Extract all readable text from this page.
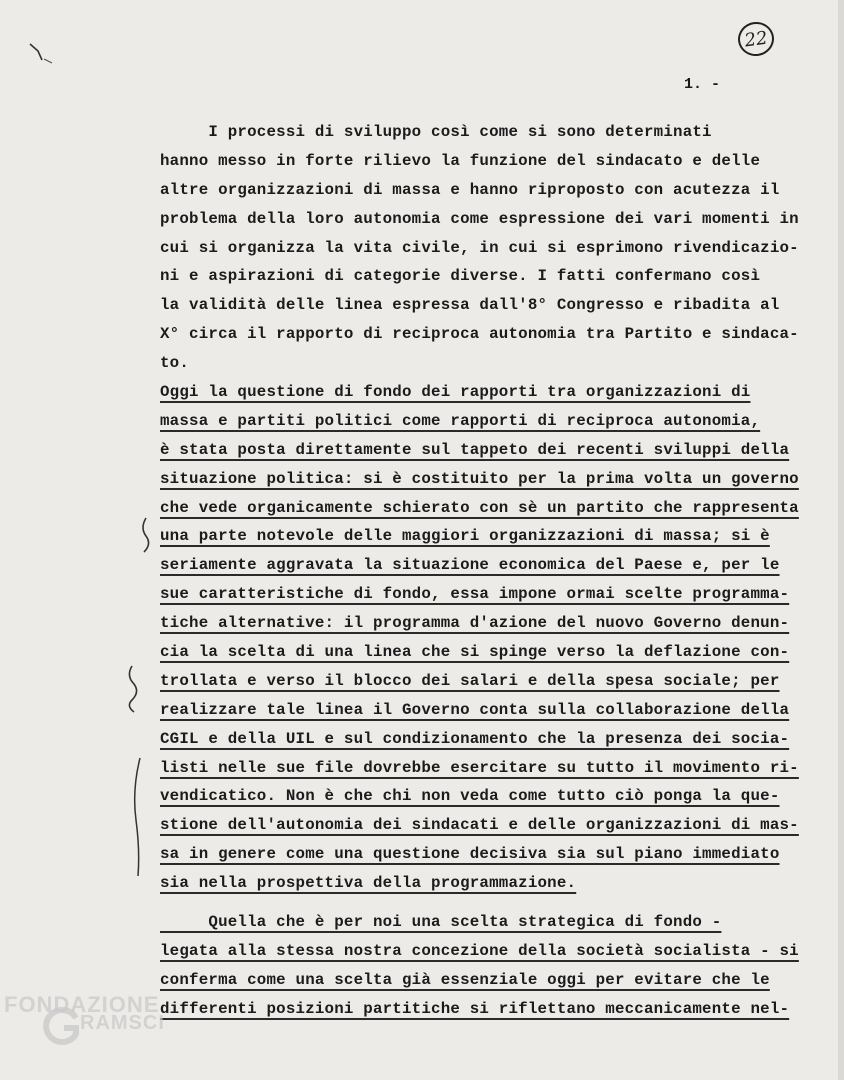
22
1. -
I processi di sviluppo così come si sono determinati
hanno messo in forte rilievo la funzione del sindacato e delle
altre organizzazioni di massa e hanno riproposto con acutezza il
problema della loro autonomia come espressione dei vari momenti in
cui si organizza la vita civile, in cui si esprimono rivendicazio-
ni e aspirazioni di categorie diverse. I fatti confermano così
la validità delle linea espressa dall'8° Congresso e ribadita al
X° circa il rapporto di reciproca autonomia tra Partito e sindaca-
to.
Oggi la questione di fondo dei rapporti tra organizzazioni di
massa e partiti politici come rapporti di reciproca autonomia,
è stata posta direttamente sul tappeto dei recenti sviluppi della
situazione politica: si è costituito per la prima volta un governo
che vede organicamente schierato con sè un partito che rappresenta
una parte notevole delle maggiori organizzazioni di massa; si è
seriamente aggravata la situazione economica del Paese e, per le
sue caratteristiche di fondo, essa impone ormai scelte programma-
tiche alternative: il programma d'azione del nuovo Governo denun-
cia la scelta di una linea che si spinge verso la deflazione con-
trollata e verso il blocco dei salari e della spesa sociale; per
realizzare tale linea il Governo conta sulla collaborazione della
CGIL e della UIL e sul condizionamento che la presenza dei socia-
listi nelle sue file dovrebbe esercitare su tutto il movimento ri-
vendicatico. Non è che chi non veda come tutto ciò ponga la que-
stione dell'autonomia dei sindacati e delle organizzazioni di mas-
sa in genere come una questione decisiva sia sul piano immediato
sia nella prospettiva della programmazione.
Quella che è per noi una scelta strategica di fondo -
legata alla stessa nostra concezione della società socialista - si
conferma come una scelta già essenziale oggi per evitare che le
differenti posizioni partitiche si riflettano meccanicamente nel-
FONDAZIONE
RAMSCI
